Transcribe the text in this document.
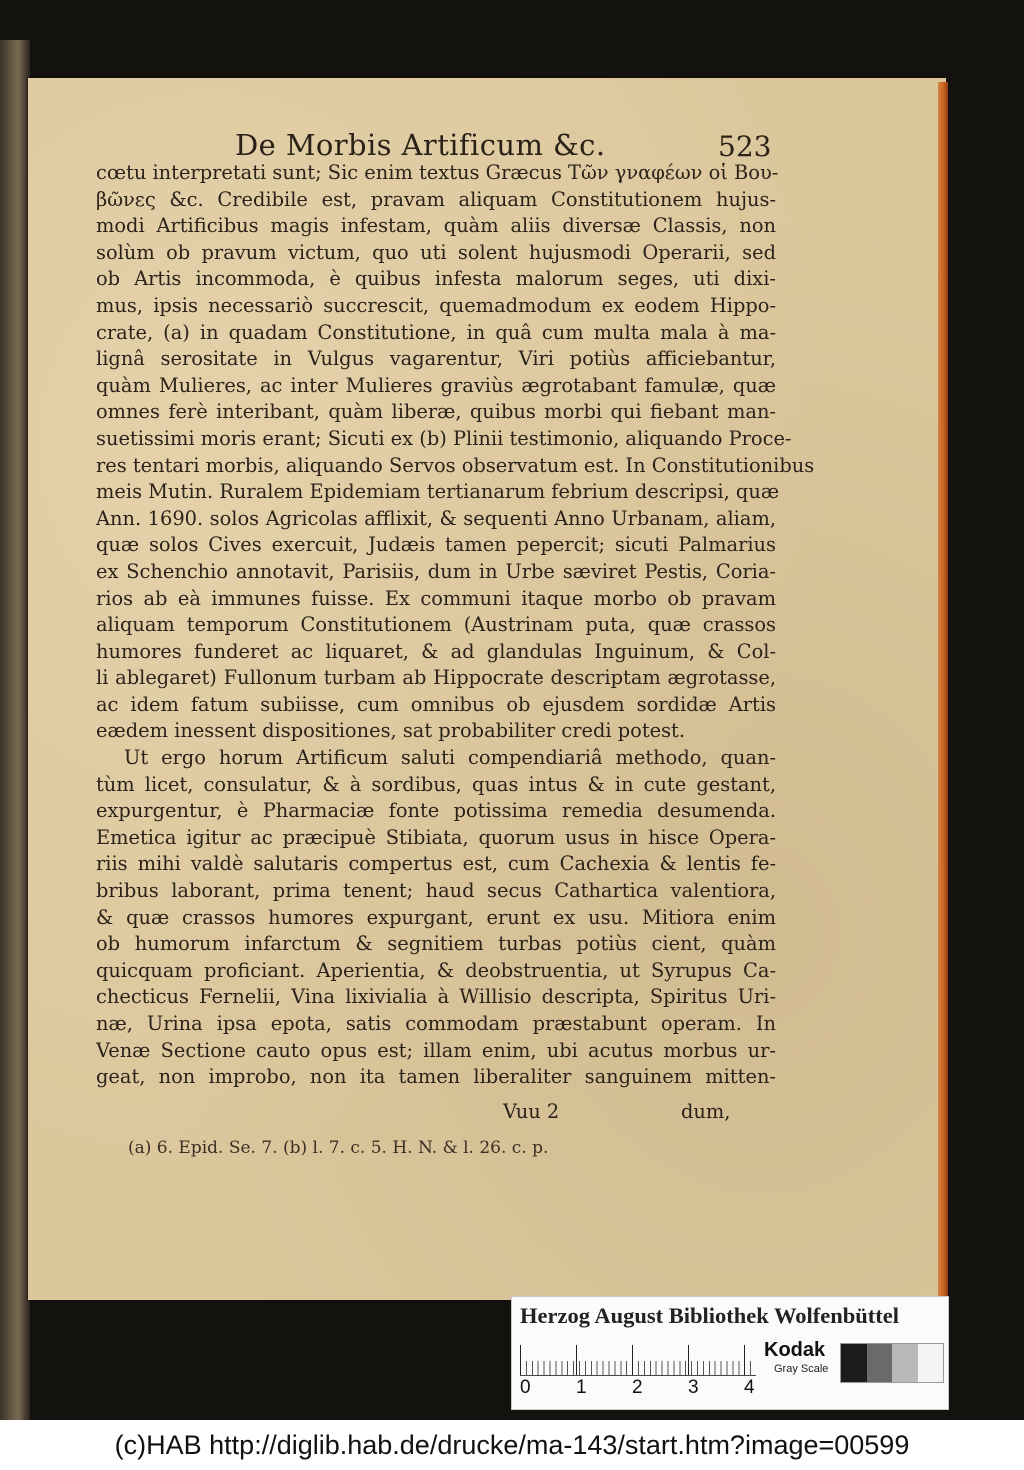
De Morbis Artificum &c.	523
cœtu interpretati sunt; Sic enim textus Græcus Τῶν γναφέων οἱ Βου-
βῶνες &c. Credibile est, pravam aliquam Constitutionem hujus-
modi Artificibus magis infestam, quàm aliis diversæ Classis, non
solùm ob pravum victum, quo uti solent hujusmodi Operarii, sed
ob Artis incommoda, è quibus infesta malorum seges, uti dixi-
mus, ipsis necessariò succrescit, quemadmodum ex eodem Hippo-
crate, (a) in quadam Constitutione, in quâ cum multa mala à ma-
lignâ serositate in Vulgus vagarentur, Viri potiùs afficiebantur,
quàm Mulieres, ac inter Mulieres graviùs ægrotabant famulæ, quæ
omnes ferè interibant, quàm liberæ, quibus morbi qui fiebant man-
suetissimi moris erant; Sicuti ex (b) Plinii testimonio, aliquando Proce-
res tentari morbis, aliquando Servos observatum est. In Constitutionibus
meis Mutin. Ruralem Epidemiam tertianarum febrium descripsi, quæ
Ann. 1690. solos Agricolas afflixit, & sequenti Anno Urbanam, aliam,
quæ solos Cives exercuit, Judæis tamen pepercit; sicuti Palmarius
ex Schenchio annotavit, Parisiis, dum in Urbe sæviret Pestis, Coria-
rios ab eà immunes fuisse. Ex communi itaque morbo ob pravam
aliquam temporum Constitutionem (Austrinam puta, quæ crassos
humores funderet ac liquaret, & ad glandulas Inguinum, & Col-
li ablegaret) Fullonum turbam ab Hippocrate descriptam ægrotasse,
ac idem fatum subiisse, cum omnibus ob ejusdem sordidæ Artis
eædem inessent dispositiones, sat probabiliter credi potest.
Ut ergo horum Artificum saluti compendiariâ methodo, quan-
tùm licet, consulatur, & à sordibus, quas intus & in cute gestant,
expurgentur, è Pharmaciæ fonte potissima remedia desumenda.
Emetica igitur ac præcipuè Stibiata, quorum usus in hisce Opera-
riis mihi valdè salutaris compertus est, cum Cachexia & lentis fe-
bribus laborant, prima tenent; haud secus Cathartica valentiora,
& quæ crassos humores expurgant, erunt ex usu. Mitiora enim
ob humorum infarctum & segnitiem turbas potiùs cient, quàm
quicquam proficiant. Aperientia, & deobstruentia, ut Syrupus Ca-
checticus Fernelii, Vina lixivialia à Willisio descripta, Spiritus Uri-
næ, Urina ipsa epota, satis commodam præstabunt operam. In
Venæ Sectione cauto opus est; illam enim, ubi acutus morbus ur-
geat, non improbo, non ita tamen liberaliter sanguinem mitten-
Vuu 2	dum,
(a) 6. Epid. Se. 7. (b) l. 7. c. 5. H. N. & l. 26. c. p.
Herzog August Bibliothek Wolfenbüttel
0 1 2 3 4
Kodak
Gray Scale
(c)HAB http://diglib.hab.de/drucke/ma-143/start.htm?image=00599
